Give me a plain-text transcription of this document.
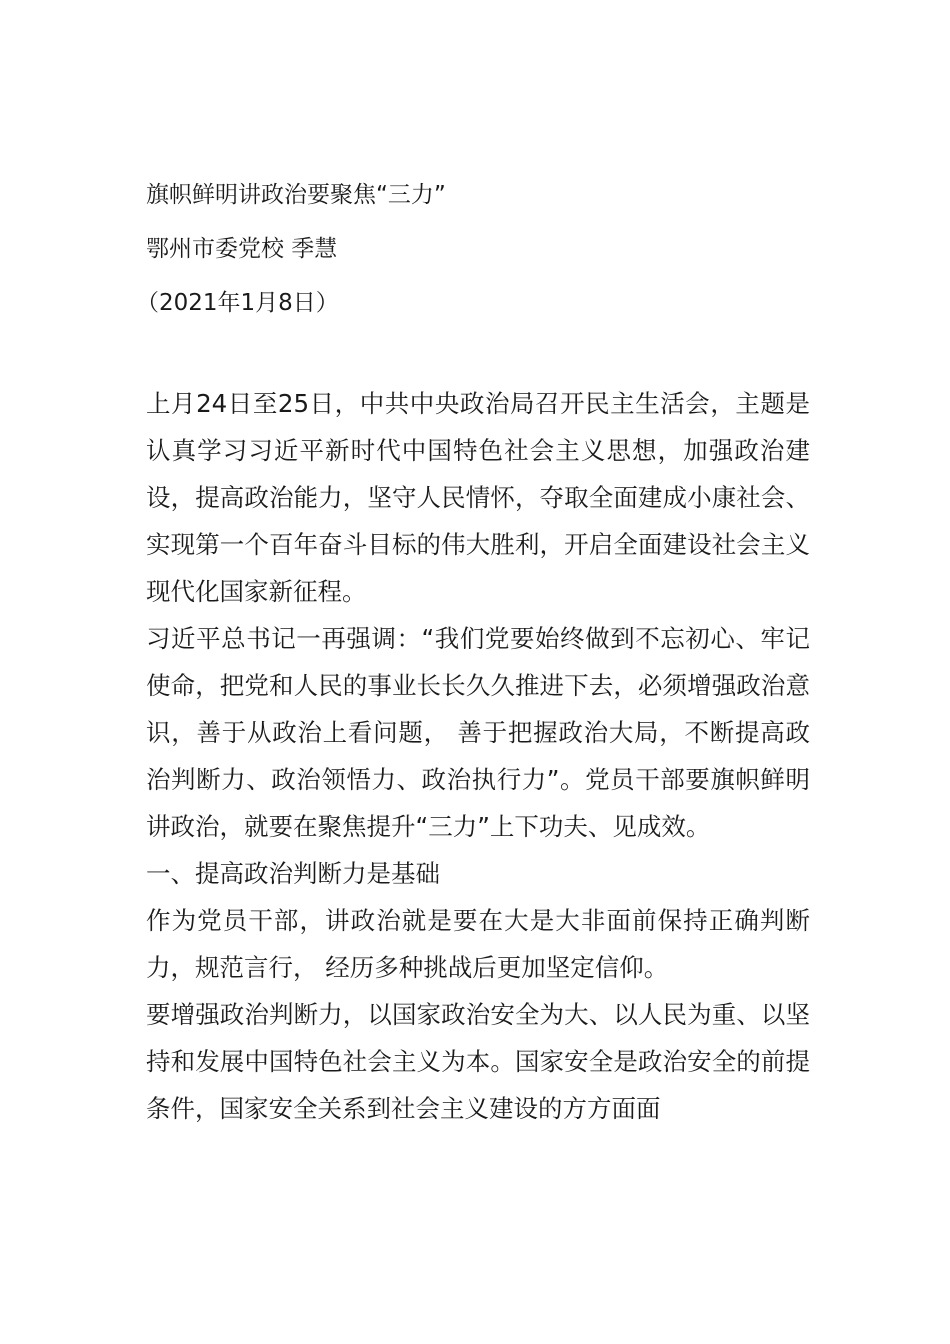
旗帜鲜明讲政治要聚焦“三力”
鄂州市委党校 季慧
（2021年1月8日）

上月24日至25日，中共中央政治局召开民主生活会，主题是认真学习习近平新时代中国特色社会主义思想，加强政治建设，提高政治能力，坚守人民情怀，夺取全面建成小康社会、实现第一个百年奋斗目标的伟大胜利，开启全面建设社会主义现代化国家新征程。

习近平总书记一再强调：“我们党要始终做到不忘初心、牢记使命，把党和人民的事业长长久久推进下去，必须增强政治意识，善于从政治上看问题， 善于把握政治大局，不断提高政治判断力、政治领悟力、政治执行力”。党员干部要旗帜鲜明讲政治，就要在聚焦提升“三力”上下功夫、见成效。

一、提高政治判断力是基础

作为党员干部，讲政治就是要在大是大非面前保持正确判断力，规范言行， 经历多种挑战后更加坚定信仰。

要增强政治判断力，以国家政治安全为大、以人民为重、以坚持和发展中国特色社会主义为本。国家安全是政治安全的前提条件，国家安全关系到社会主义建设的方方面面
